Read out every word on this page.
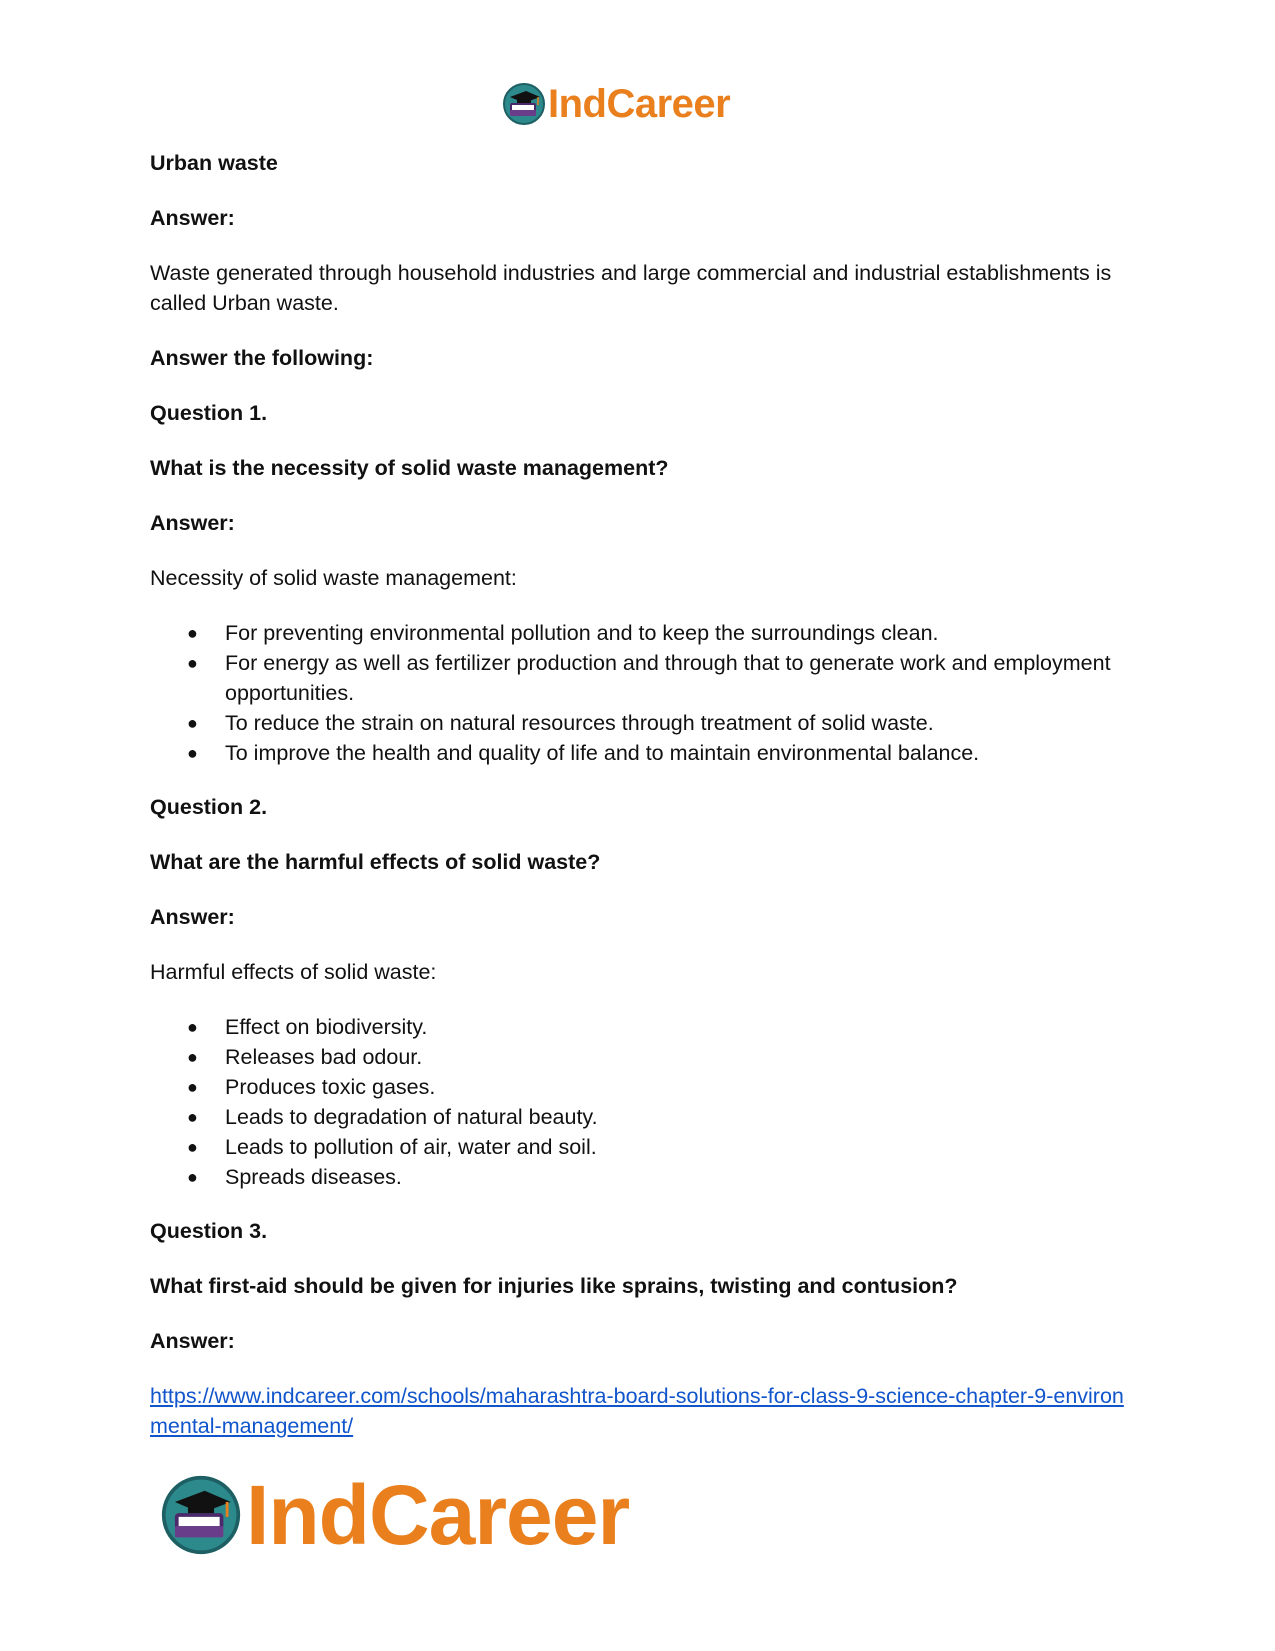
IndCareer

Urban waste

Answer:

Waste generated through household industries and large commercial and industrial establishments is called Urban waste.

Answer the following:

Question 1.

What is the necessity of solid waste management?

Answer:

Necessity of solid waste management:

● For preventing environmental pollution and to keep the surroundings clean.
● For energy as well as fertilizer production and through that to generate work and employment opportunities.
● To reduce the strain on natural resources through treatment of solid waste.
● To improve the health and quality of life and to maintain environmental balance.

Question 2.

What are the harmful effects of solid waste?

Answer:

Harmful effects of solid waste:

● Effect on biodiversity.
● Releases bad odour.
● Produces toxic gases.
● Leads to degradation of natural beauty.
● Leads to pollution of air, water and soil.
● Spreads diseases.

Question 3.

What first-aid should be given for injuries like sprains, twisting and contusion?

Answer:

https://www.indcareer.com/schools/maharashtra-board-solutions-for-class-9-science-chapter-9-environmental-management/
IndCareer
